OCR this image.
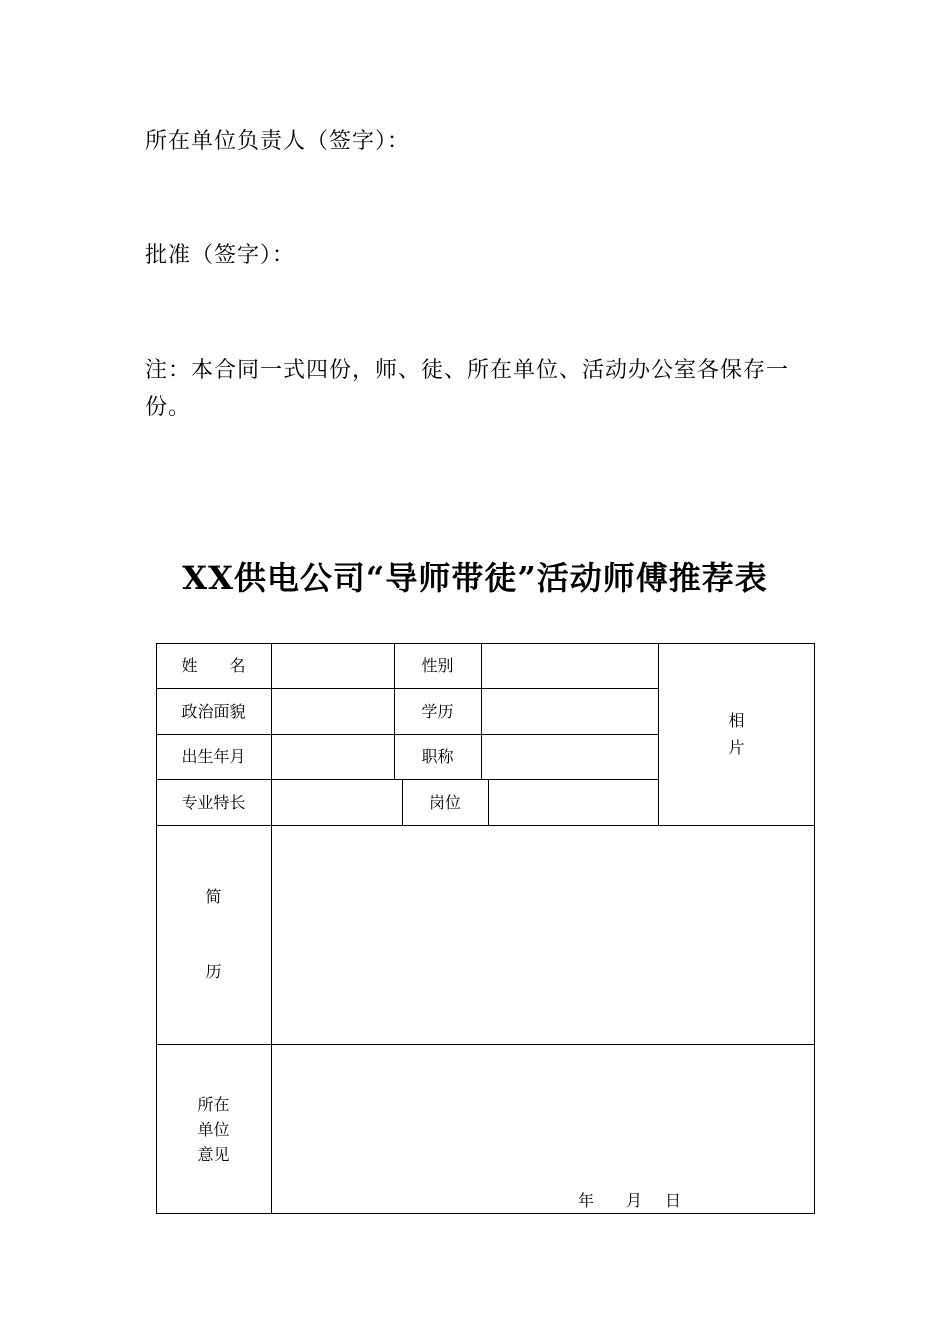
所在单位负责人（签字）：
批准（签字）：
注：本合同一式四份，师、徒、所在单位、活动办公室各保存一
份。
XX供电公司“导师带徒”活动师傅推荐表
姓　　名	性别
政治面貌	学历
出生年月	职称
专业特长	岗位
相
片
简
历
所在
单位
意见
年 月 日
